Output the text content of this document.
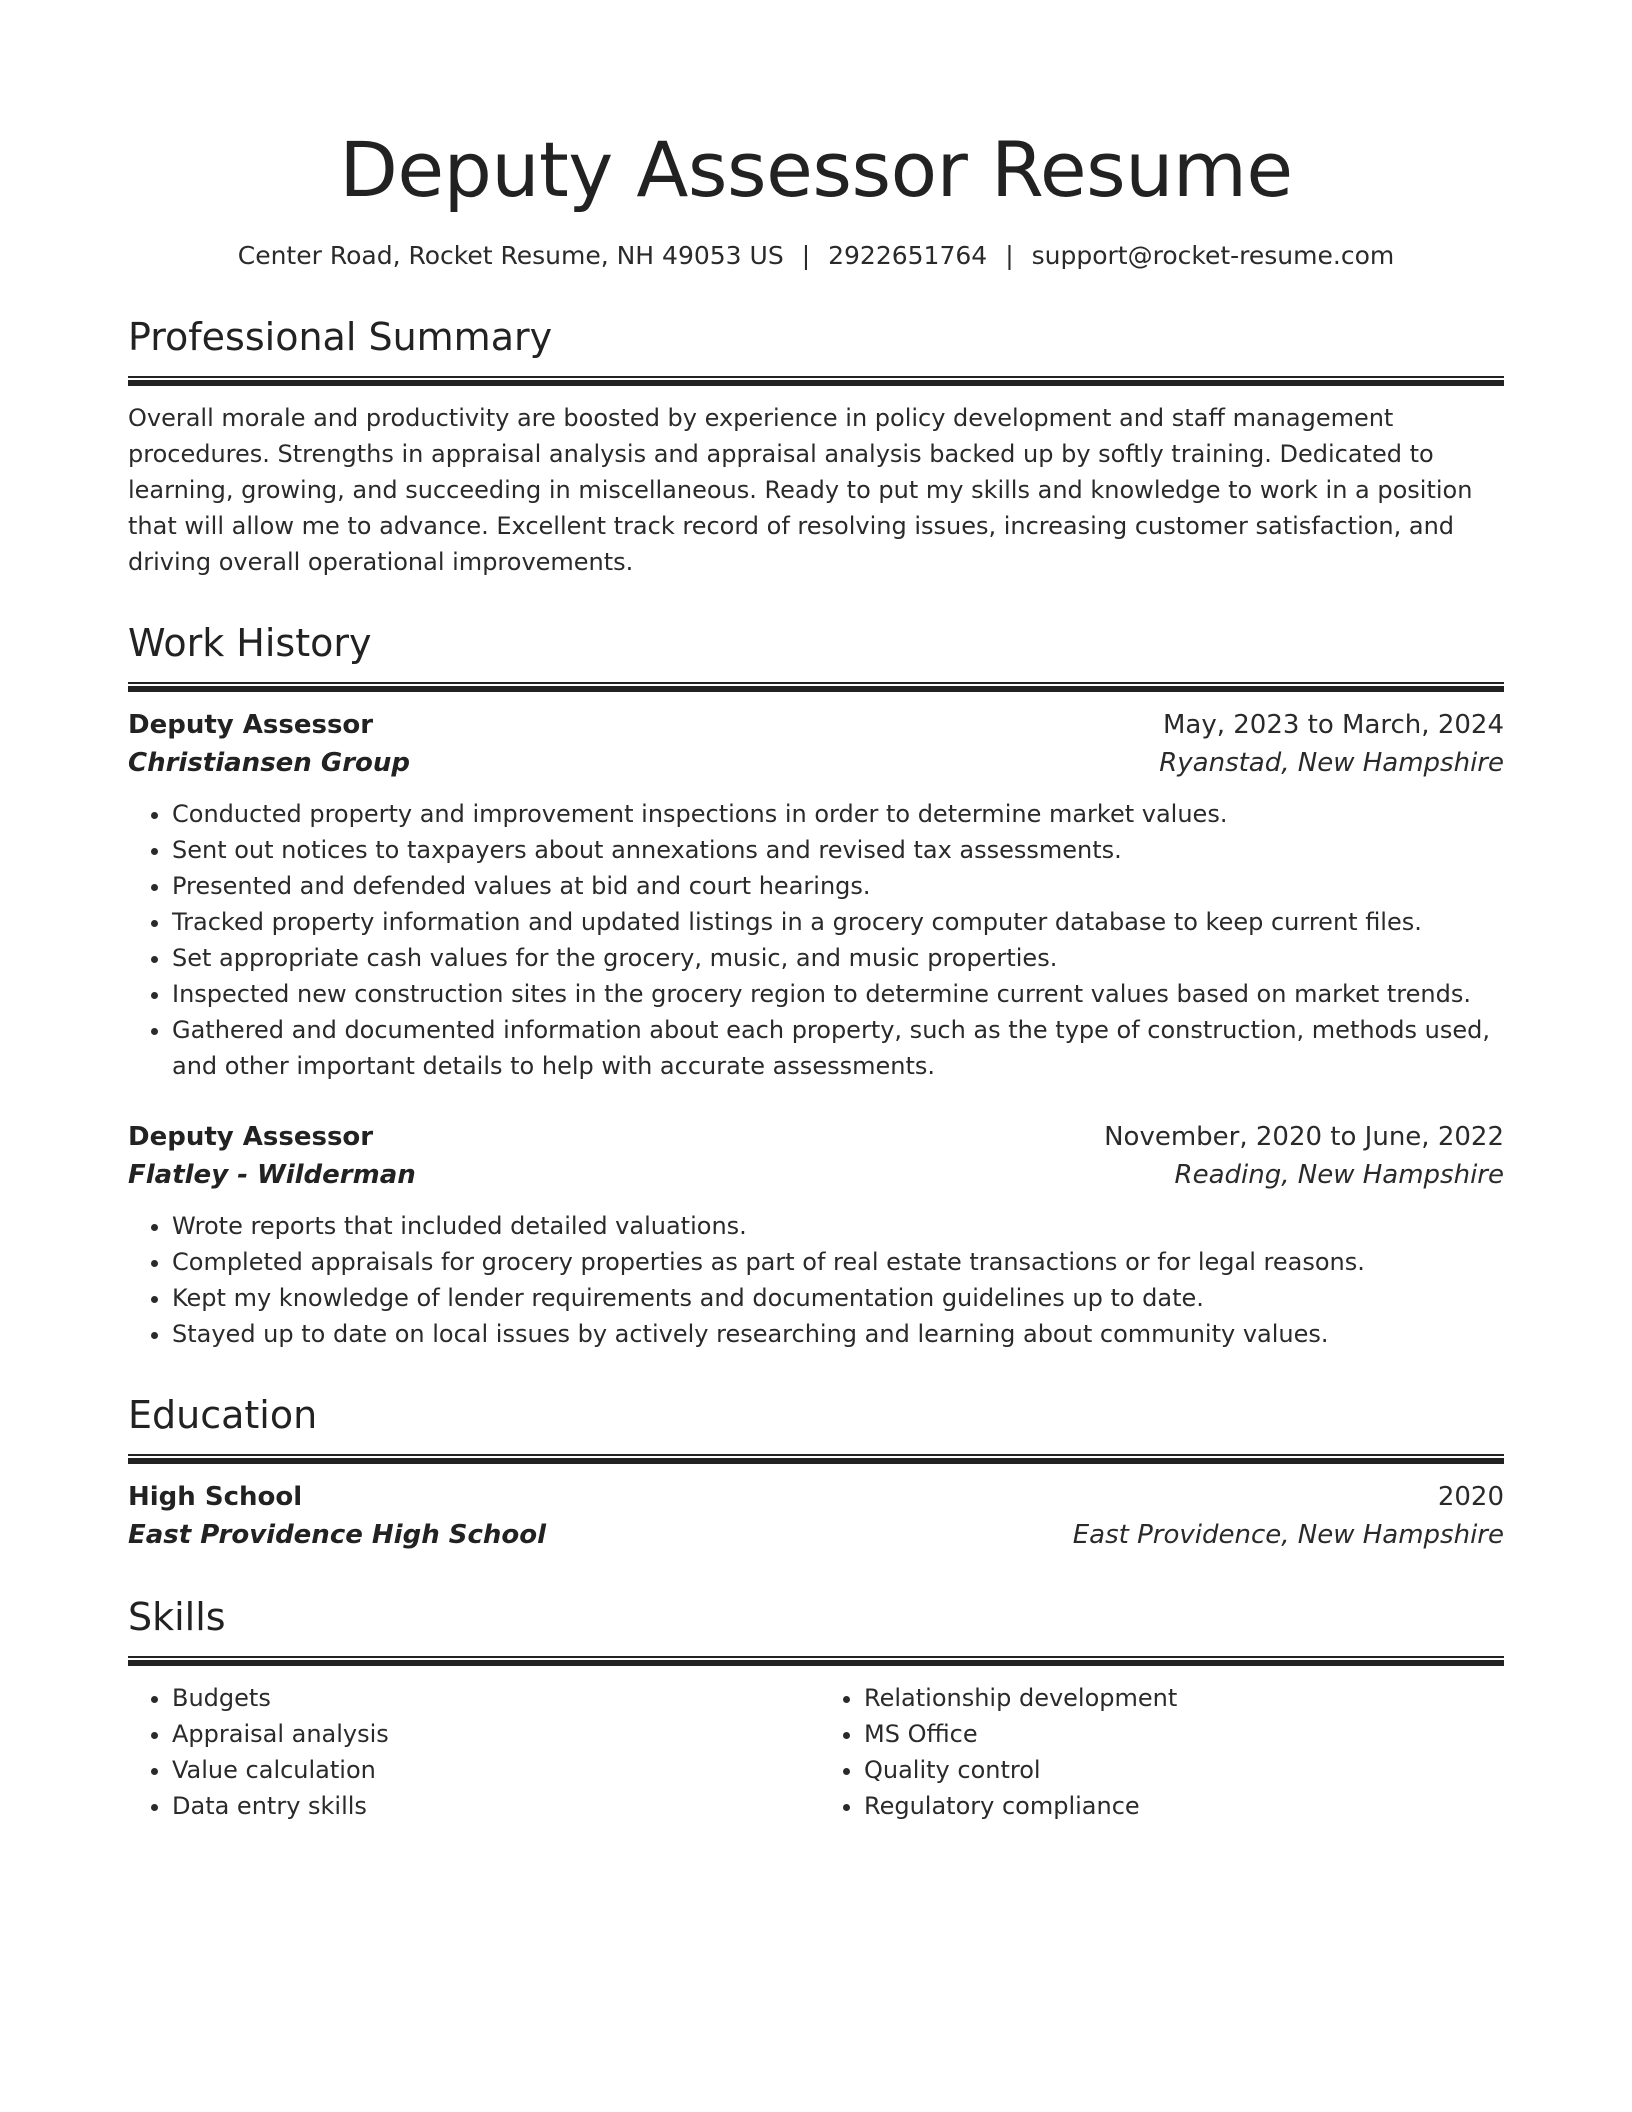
Deputy Assessor Resume
Center Road, Rocket Resume, NH 49053 US | 2922651764 | support@rocket-resume.com
Professional Summary

Overall morale and productivity are boosted by experience in policy development and staff management procedures. Strengths in appraisal analysis and appraisal analysis backed up by softly training. Dedicated to learning, growing, and succeeding in miscellaneous. Ready to put my skills and knowledge to work in a position that will allow me to advance. Excellent track record of resolving issues, increasing customer satisfaction, and driving overall operational improvements.

Work History
Deputy Assessor	May, 2023 to March, 2024
Christiansen Group	Ryanstad, New Hampshire
• Conducted property and improvement inspections in order to determine market values.
• Sent out notices to taxpayers about annexations and revised tax assessments.
• Presented and defended values at bid and court hearings.
• Tracked property information and updated listings in a grocery computer database to keep current files.
• Set appropriate cash values for the grocery, music, and music properties.
• Inspected new construction sites in the grocery region to determine current values based on market trends.
• Gathered and documented information about each property, such as the type of construction, methods used, and other important details to help with accurate assessments.
Deputy Assessor	November, 2020 to June, 2022
Flatley - Wilderman	Reading, New Hampshire
• Wrote reports that included detailed valuations.
• Completed appraisals for grocery properties as part of real estate transactions or for legal reasons.
• Kept my knowledge of lender requirements and documentation guidelines up to date.
• Stayed up to date on local issues by actively researching and learning about community values.
Education
High School	2020
East Providence High School	East Providence, New Hampshire
Skills
• Budgets
• Appraisal analysis
• Value calculation
• Data entry skills
• Relationship development
• MS Office
• Quality control
• Regulatory compliance
